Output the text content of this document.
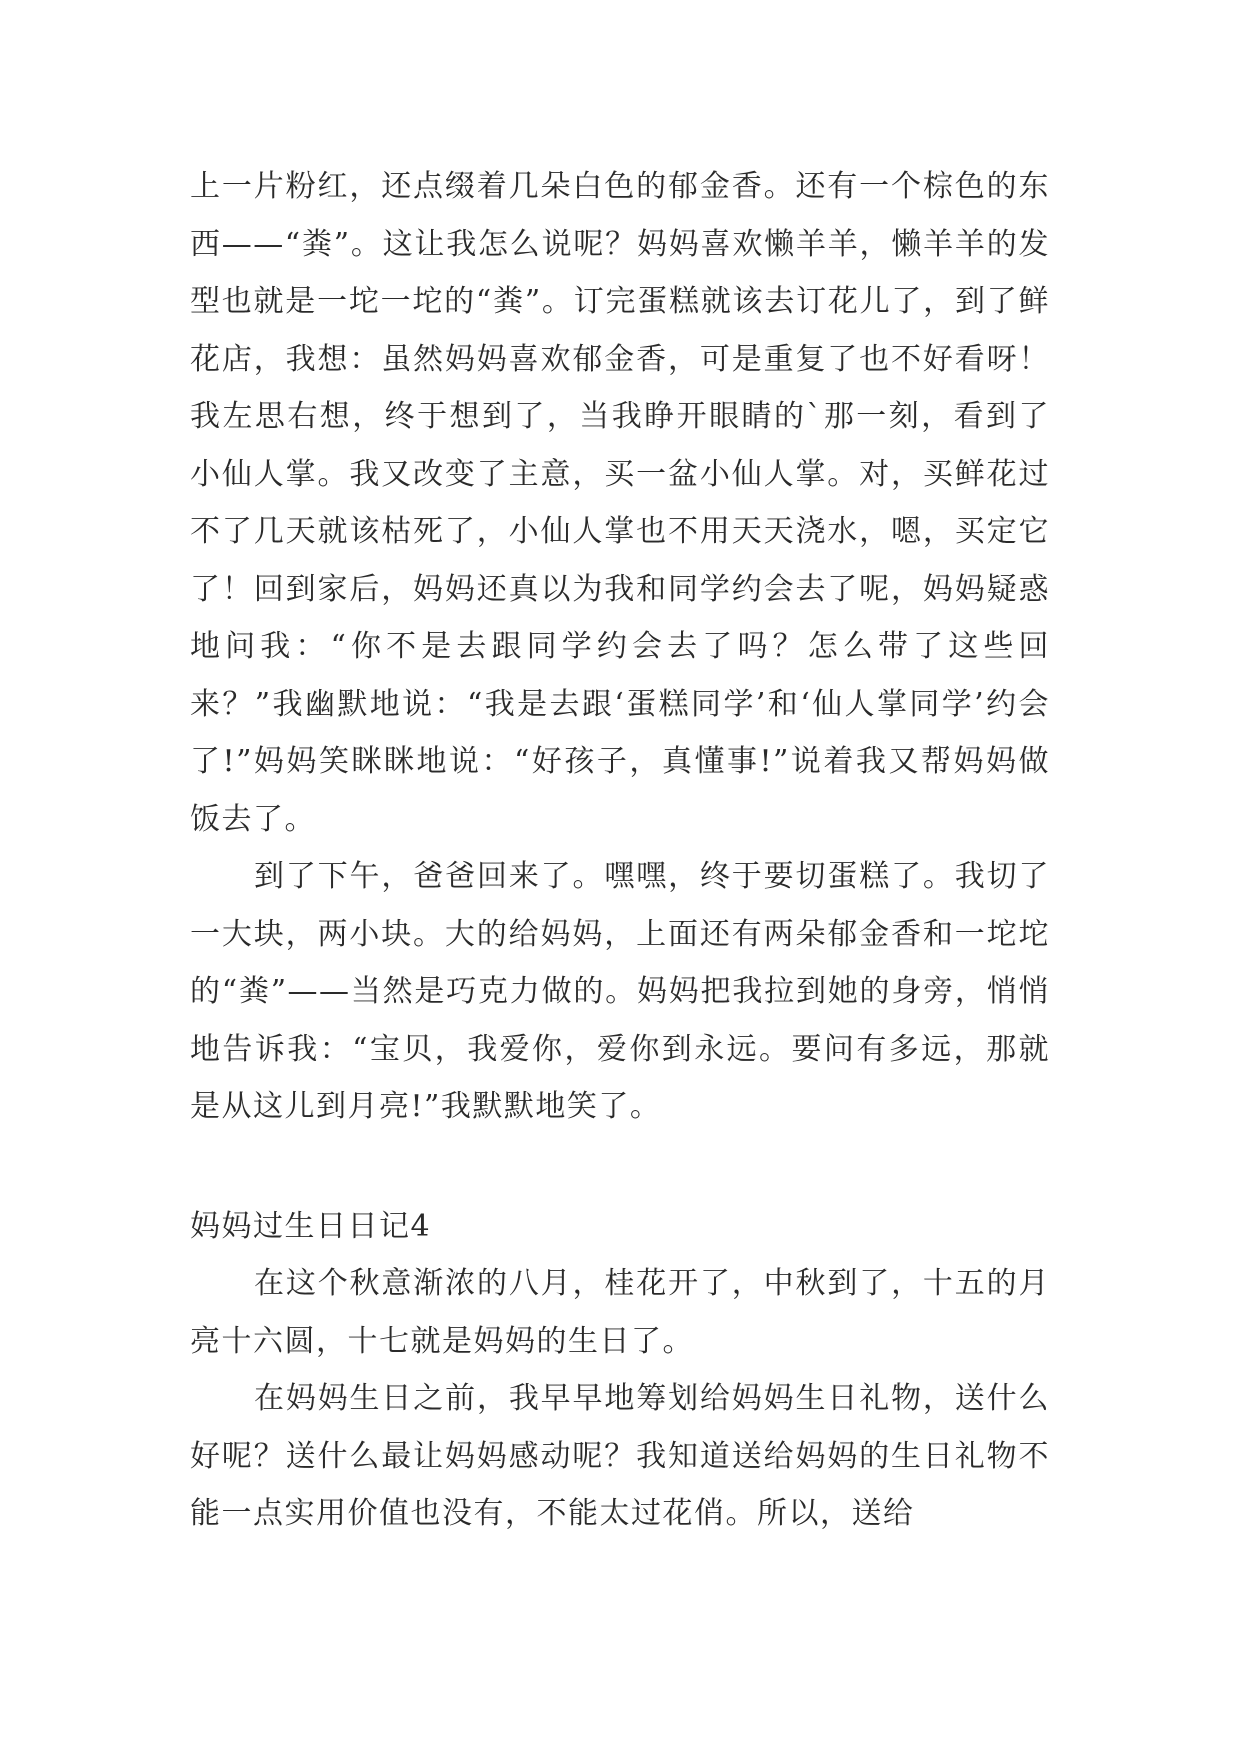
上一片粉红，还点缀着几朵白色的郁金香。还有一个棕色的东西——“粪”。这让我怎么说呢？妈妈喜欢懒羊羊，懒羊羊的发型也就是一坨一坨的“粪”。订完蛋糕就该去订花儿了，到了鲜花店，我想：虽然妈妈喜欢郁金香，可是重复了也不好看呀！我左思右想，终于想到了，当我睁开眼睛的`那一刻，看到了小仙人掌。我又改变了主意，买一盆小仙人掌。对，买鲜花过不了几天就该枯死了，小仙人掌也不用天天浇水，嗯，买定它了！回到家后，妈妈还真以为我和同学约会去了呢，妈妈疑惑地问我：“你不是去跟同学约会去了吗？怎么带了这些回来？”我幽默地说：“我是去跟‘蛋糕同学’和‘仙人掌同学’约会了!”妈妈笑眯眯地说：“好孩子，真懂事!”说着我又帮妈妈做饭去了。

到了下午，爸爸回来了。嘿嘿，终于要切蛋糕了。我切了一大块，两小块。大的给妈妈，上面还有两朵郁金香和一坨坨的“粪”——当然是巧克力做的。妈妈把我拉到她的身旁，悄悄地告诉我：“宝贝，我爱你，爱你到永远。要问有多远，那就是从这儿到月亮!”我默默地笑了。

妈妈过生日日记4

在这个秋意渐浓的八月，桂花开了，中秋到了，十五的月亮十六圆，十七就是妈妈的生日了。

在妈妈生日之前，我早早地筹划给妈妈生日礼物，送什么好呢？送什么最让妈妈感动呢？我知道送给妈妈的生日礼物不能一点实用价值也没有，不能太过花俏。所以，送给
